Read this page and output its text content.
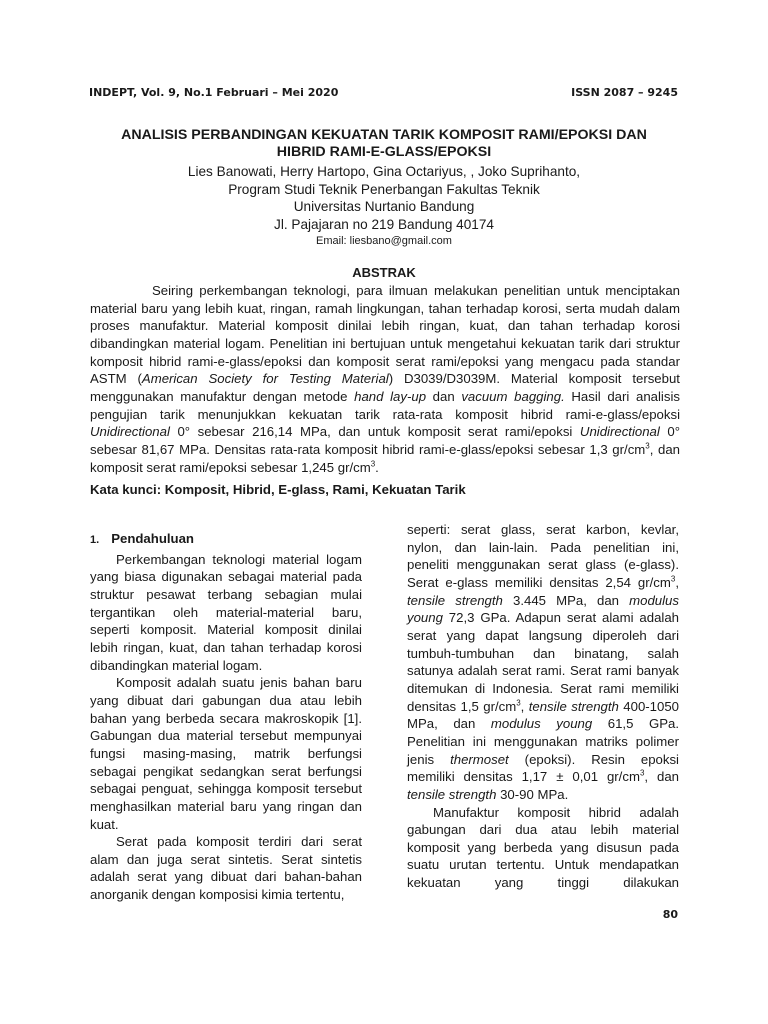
INDEPT, Vol. 9, No.1 Februari – Mei 2020	ISSN 2087 – 9245
ANALISIS PERBANDINGAN KEKUATAN TARIK KOMPOSIT RAMI/EPOKSI DAN
HIBRID RAMI-E-GLASS/EPOKSI
Lies Banowati, Herry Hartopo, Gina Octariyus, , Joko Suprihanto,
Program Studi Teknik Penerbangan Fakultas Teknik
Universitas Nurtanio Bandung
Jl. Pajajaran no 219 Bandung 40174
Email: liesbano@gmail.com
ABSTRAK

Seiring perkembangan teknologi, para ilmuan melakukan penelitian untuk menciptakan material baru yang lebih kuat, ringan, ramah lingkungan, tahan terhadap korosi, serta mudah dalam proses manufaktur. Material komposit dinilai lebih ringan, kuat, dan tahan terhadap korosi dibandingkan material logam. Penelitian ini bertujuan untuk mengetahui kekuatan tarik dari struktur komposit hibrid rami-e-glass/epoksi dan komposit serat rami/epoksi yang mengacu pada standar ASTM (American Society for Testing Material) D3039/D3039M. Material komposit tersebut menggunakan manufaktur dengan metode hand lay-up dan vacuum bagging. Hasil dari analisis pengujian tarik menunjukkan kekuatan tarik rata-rata komposit hibrid rami-e-glass/epoksi Unidirectional 0° sebesar 216,14 MPa, dan untuk komposit serat rami/epoksi Unidirectional 0° sebesar 81,67 MPa. Densitas rata-rata komposit hibrid rami-e-glass/epoksi sebesar 1,3 $gr/cm^3$, dan komposit serat rami/epoksi sebesar 1,245 $gr/cm^3$.

Kata kunci: Komposit, Hibrid, E-glass, Rami, Kekuatan Tarik
1. Pendahuluan

Perkembangan teknologi material logam yang biasa digunakan sebagai material pada struktur pesawat terbang sebagian mulai tergantikan oleh material-material baru, seperti komposit. Material komposit dinilai lebih ringan, kuat, dan tahan terhadap korosi dibandingkan material logam.

Komposit adalah suatu jenis bahan baru yang dibuat dari gabungan dua atau lebih bahan yang berbeda secara makroskopik [1]. Gabungan dua material tersebut mempunyai fungsi masing-masing, matrik berfungsi sebagai pengikat sedangkan serat berfungsi sebagai penguat, sehingga komposit tersebut menghasilkan material baru yang ringan dan kuat.

Serat pada komposit terdiri dari serat alam dan juga serat sintetis. Serat sintetis adalah serat yang dibuat dari bahan-bahan anorganik dengan komposisi kimia tertentu,

seperti: serat glass, serat karbon, kevlar, nylon, dan lain-lain. Pada penelitian ini, peneliti menggunakan serat glass (e-glass). Serat e-glass memiliki densitas 2,54 $gr/cm^3$, tensile strength 3.445 MPa, dan modulus young 72,3 GPa. Adapun serat alami adalah serat yang dapat langsung diperoleh dari tumbuh-tumbuhan dan binatang, salah satunya adalah serat rami. Serat rami banyak ditemukan di Indonesia. Serat rami memiliki densitas 1,5 $gr/cm^3$, tensile strength 400-1050 MPa, dan modulus young 61,5 GPa. Penelitian ini menggunakan matriks polimer jenis thermoset (epoksi). Resin epoksi memiliki densitas 1,17 ± 0,01 $gr/cm^3$, dan tensile strength 30-90 MPa.

Manufaktur komposit hibrid adalah gabungan dari dua atau lebih material komposit yang berbeda yang disusun pada suatu urutan tertentu. Untuk mendapatkan kekuatan yang tinggi dilakukan

80
